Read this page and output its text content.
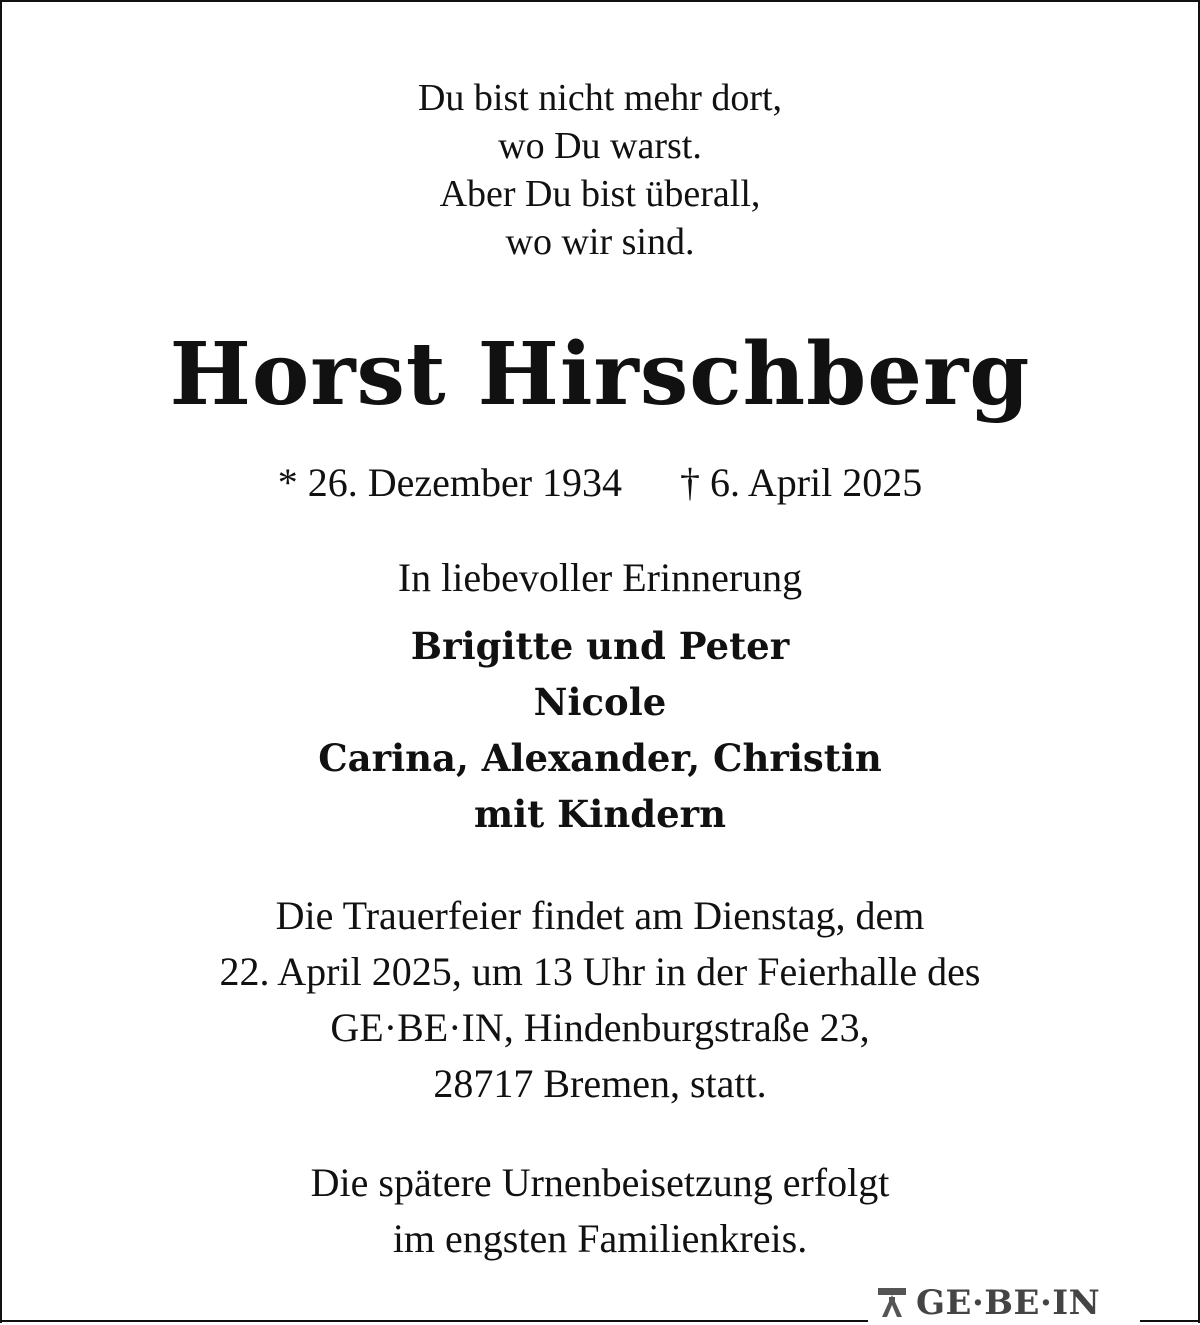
Du bist nicht mehr dort,
wo Du warst.
Aber Du bist überall,
wo wir sind.
Horst Hirschberg
* 26. Dezember 1934 † 6. April 2025
In liebevoller Erinnerung
Brigitte und Peter
Nicole
Carina, Alexander, Christin
mit Kindern
Die Trauerfeier findet am Dienstag, dem
22. April 2025, um 13 Uhr in der Feierhalle des
GE·BE·IN, Hindenburgstraße 23,
28717 Bremen, statt.
Die spätere Urnenbeisetzung erfolgt
im engsten Familienkreis.
GE·BE·IN
